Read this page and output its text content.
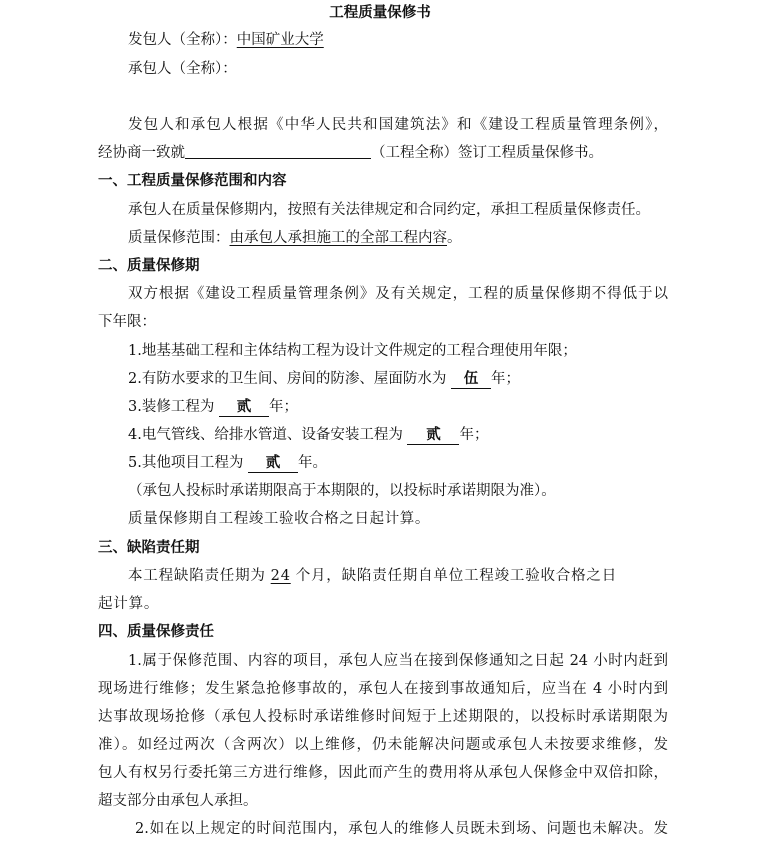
工程质量保修书
发包人（全称）：中国矿业大学
承包人（全称）：
发包人和承包人根据《中华人民共和国建筑法》和《建设工程质量管理条例》，
经协商一致就	（工程全称）签订工程质量保修书。
一、工程质量保修范围和内容
承包人在质量保修期内，按照有关法律规定和合同约定，承担工程质量保修责任。
质量保修范围：由承包人承担施工的全部工程内容。
二、质量保修期
双方根据《建设工程质量管理条例》及有关规定，工程的质量保修期不得低于以
下年限：
1.地基基础工程和主体结构工程为设计文件规定的工程合理使用年限；
2.有防水要求的卫生间、房间的防渗、屋面防水为 伍 年；
3.装修工程为 贰 年；
4.电气管线、给排水管道、设备安装工程为 贰 年；
5.其他项目工程为 贰 年。
（承包人投标时承诺期限高于本期限的，以投标时承诺期限为准）。
质量保修期自工程竣工验收合格之日起计算。
三、缺陷责任期
本工程缺陷责任期为 24 个月，缺陷责任期自单位工程竣工验收合格之日
起计算。
四、质量保修责任
1.属于保修范围、内容的项目，承包人应当在接到保修通知之日起 24 小时内赶到
现场进行维修；发生紧急抢修事故的，承包人在接到事故通知后，应当在 4 小时内到
达事故现场抢修（承包人投标时承诺维修时间短于上述期限的，以投标时承诺期限为
准）。如经过两次（含两次）以上维修，仍未能解决问题或承包人未按要求维修，发
包人有权另行委托第三方进行维修，因此而产生的费用将从承包人保修金中双倍扣除，
超支部分由承包人承担。
2.如在以上规定的时间范围内，承包人的维修人员既未到场、问题也未解决。发
